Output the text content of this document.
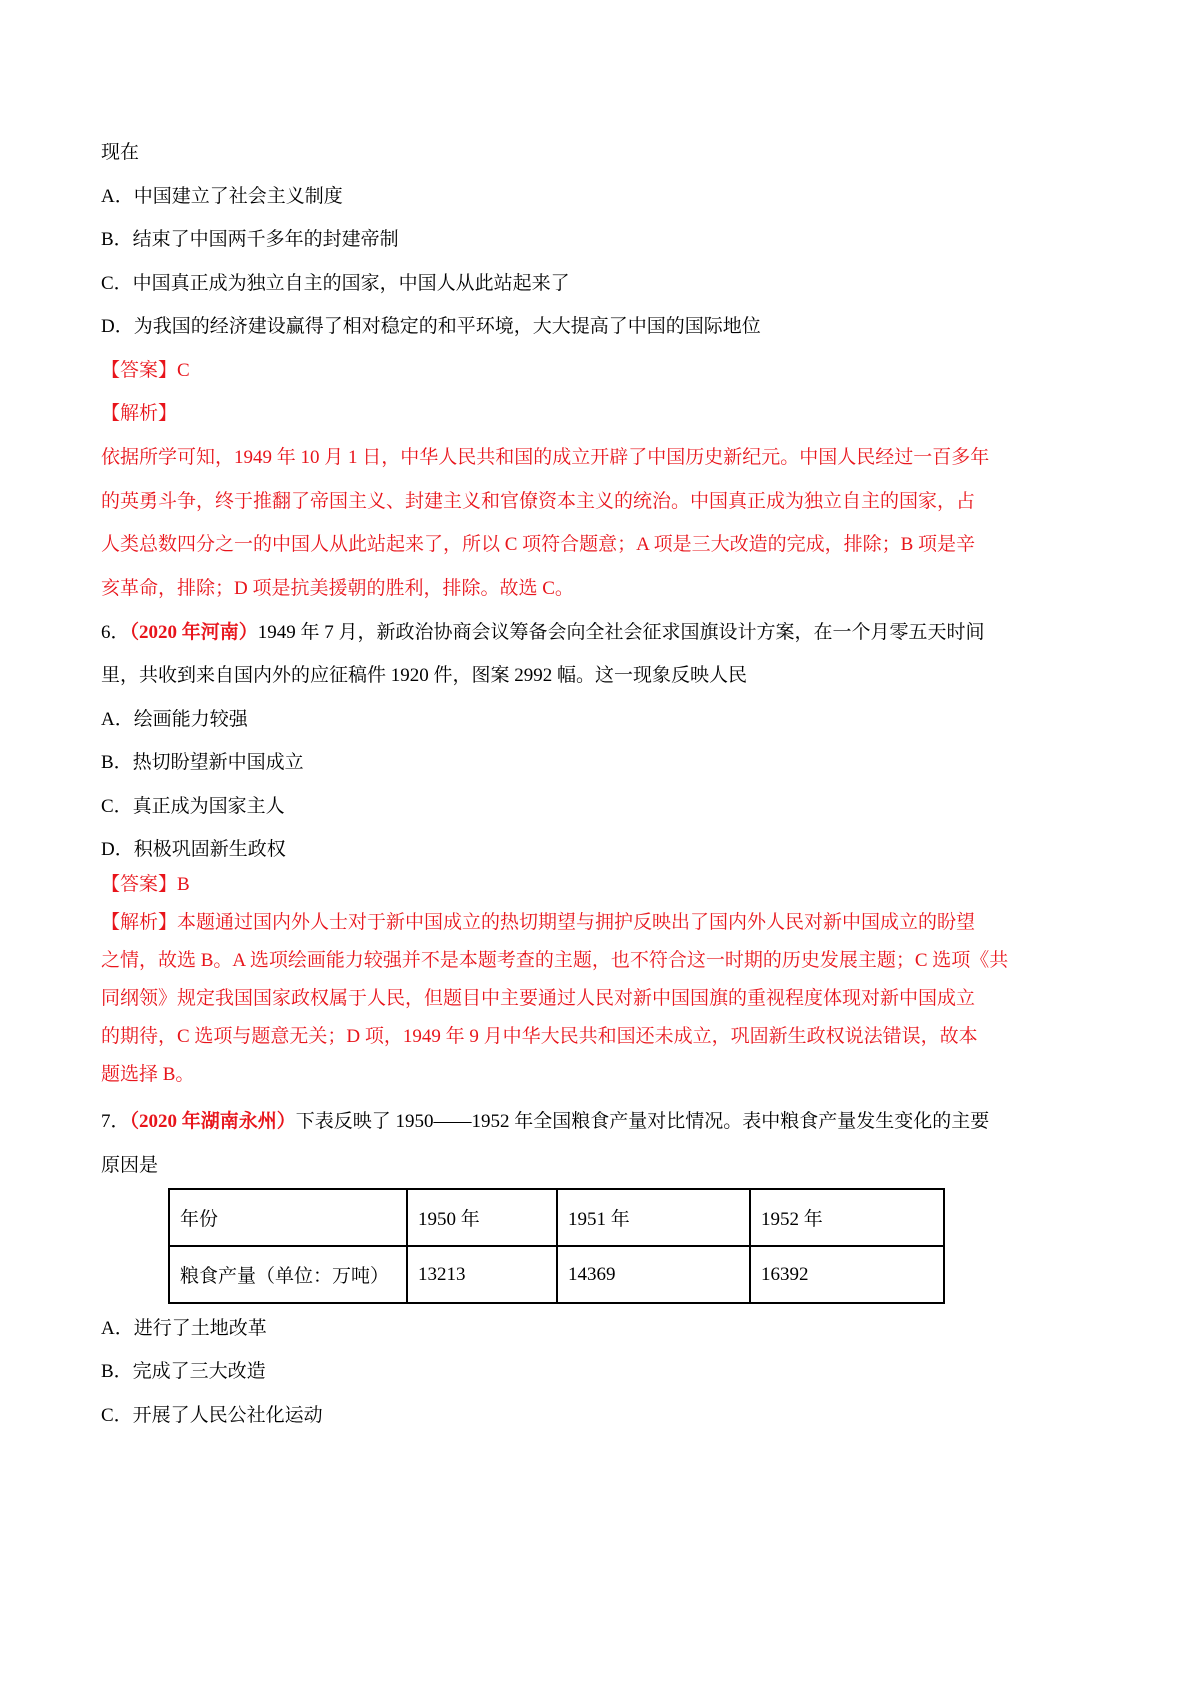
现在
A．中国建立了社会主义制度
B．结束了中国两千多年的封建帝制
C．中国真正成为独立自主的国家，中国人从此站起来了
D．为我国的经济建设赢得了相对稳定的和平环境，大大提高了中国的国际地位
【答案】C
【解析】
依据所学可知，1949 年 10 月 1 日，中华人民共和国的成立开辟了中国历史新纪元。中国人民经过一百多年
的英勇斗争，终于推翻了帝国主义、封建主义和官僚资本主义的统治。中国真正成为独立自主的国家，占
人类总数四分之一的中国人从此站起来了，所以 C 项符合题意；A 项是三大改造的完成，排除；B 项是辛
亥革命，排除；D 项是抗美援朝的胜利，排除。故选 C。
6．（2020 年河南）1949 年 7 月，新政治协商会议筹备会向全社会征求国旗设计方案，在一个月零五天时间
里，共收到来自国内外的应征稿件 1920 件，图案 2992 幅。这一现象反映人民
A．绘画能力较强
B．热切盼望新中国成立
C．真正成为国家主人
D．积极巩固新生政权
【答案】B
【解析】本题通过国内外人士对于新中国成立的热切期望与拥护反映出了国内外人民对新中国成立的盼望
之情，故选 B。A 选项绘画能力较强并不是本题考查的主题，也不符合这一时期的历史发展主题；C 选项《共
同纲领》规定我国国家政权属于人民，但题目中主要通过人民对新中国国旗的重视程度体现对新中国成立
的期待，C 选项与题意无关；D 项，1949 年 9 月中华大民共和国还未成立，巩固新生政权说法错误，故本
题选择 B。
7．（2020 年湖南永州）下表反映了 1950——1952 年全国粮食产量对比情况。表中粮食产量发生变化的主要
原因是
年份	1950 年	1951 年	1952 年
粮食产量（单位：万吨）	13213	14369	16392
A．进行了土地改革
B．完成了三大改造
C．开展了人民公社化运动
